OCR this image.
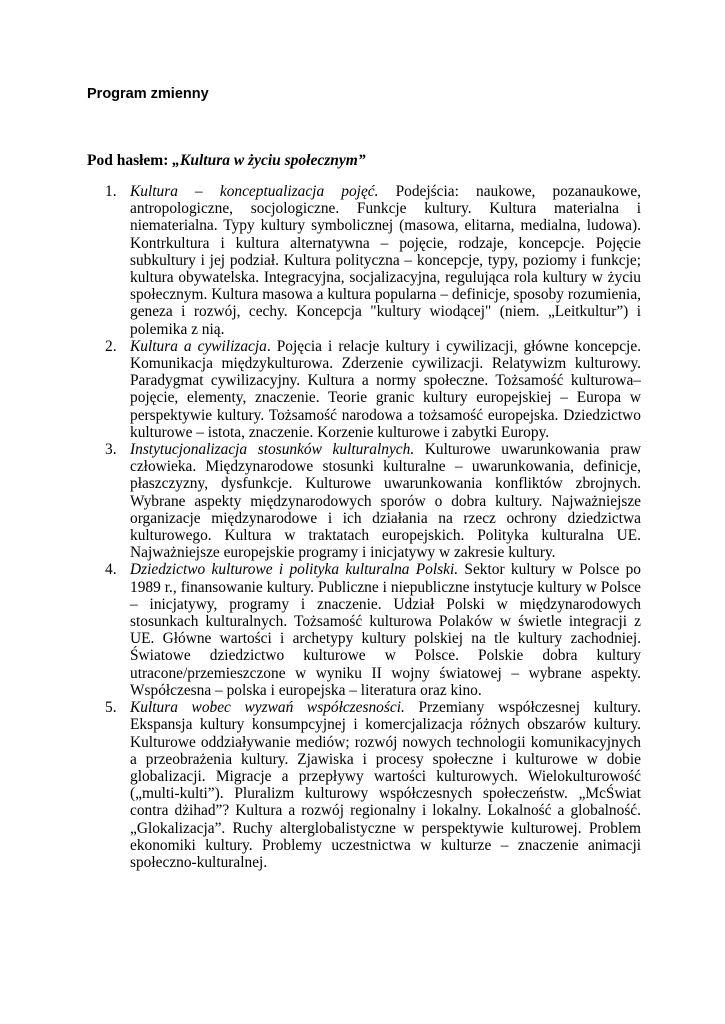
Program zmienny

Pod hasłem: „Kultura w życiu społecznym”

1. Kultura – konceptualizacja pojęć. Podejścia: naukowe, pozanaukowe, antropologiczne, socjologiczne. Funkcje kultury. Kultura materialna i niematerialna. Typy kultury symbolicznej (masowa, elitarna, medialna, ludowa). Kontrkultura i kultura alternatywna – pojęcie, rodzaje, koncepcje. Pojęcie subkultury i jej podział. Kultura polityczna – koncepcje, typy, poziomy i funkcje; kultura obywatelska. Integracyjna, socjalizacyjna, regulująca rola kultury w życiu społecznym. Kultura masowa a kultura popularna – definicje, sposoby rozumienia, geneza i rozwój, cechy. Koncepcja "kultury wiodącej" (niem. „Leitkultur”) i polemika z nią.
2. Kultura a cywilizacja. Pojęcia i relacje kultury i cywilizacji, główne koncepcje. Komunikacja międzykulturowa. Zderzenie cywilizacji. Relatywizm kulturowy. Paradygmat cywilizacyjny. Kultura a normy społeczne. Tożsamość kulturowa–pojęcie, elementy, znaczenie. Teorie granic kultury europejskiej – Europa w perspektywie kultury. Tożsamość narodowa a tożsamość europejska. Dziedzictwo kulturowe – istota, znaczenie. Korzenie kulturowe i zabytki Europy.
3. Instytucjonalizacja stosunków kulturalnych. Kulturowe uwarunkowania praw człowieka. Międzynarodowe stosunki kulturalne – uwarunkowania, definicje, płaszczyzny, dysfunkcje. Kulturowe uwarunkowania konfliktów zbrojnych. Wybrane aspekty międzynarodowych sporów o dobra kultury. Najważniejsze organizacje międzynarodowe i ich działania na rzecz ochrony dziedzictwa kulturowego. Kultura w traktatach europejskich. Polityka kulturalna UE. Najważniejsze europejskie programy i inicjatywy w zakresie kultury.
4. Dziedzictwo kulturowe i polityka kulturalna Polski. Sektor kultury w Polsce po 1989 r., finansowanie kultury. Publiczne i niepubliczne instytucje kultury w Polsce – inicjatywy, programy i znaczenie. Udział Polski w międzynarodowych stosunkach kulturalnych. Tożsamość kulturowa Polaków w świetle integracji z UE. Główne wartości i archetypy kultury polskiej na tle kultury zachodniej. Światowe dziedzictwo kulturowe w Polsce. Polskie dobra kultury utracone/przemieszczone w wyniku II wojny światowej – wybrane aspekty. Współczesna – polska i europejska – literatura oraz kino.
5. Kultura wobec wyzwań współczesności. Przemiany współczesnej kultury. Ekspansja kultury konsumpcyjnej i komercjalizacja różnych obszarów kultury. Kulturowe oddziaływanie mediów; rozwój nowych technologii komunikacyjnych a przeobrażenia kultury. Zjawiska i procesy społeczne i kulturowe w dobie globalizacji. Migracje a przepływy wartości kulturowych. Wielokulturowość („multi-kulti”). Pluralizm kulturowy współczesnych społeczeństw. „McŚwiat contra dżihad”? Kultura a rozwój regionalny i lokalny. Lokalność a globalność. „Glokalizacja”. Ruchy alterglobalistyczne w perspektywie kulturowej. Problem ekonomiki kultury. Problemy uczestnictwa w kulturze – znaczenie animacji społeczno-kulturalnej.
